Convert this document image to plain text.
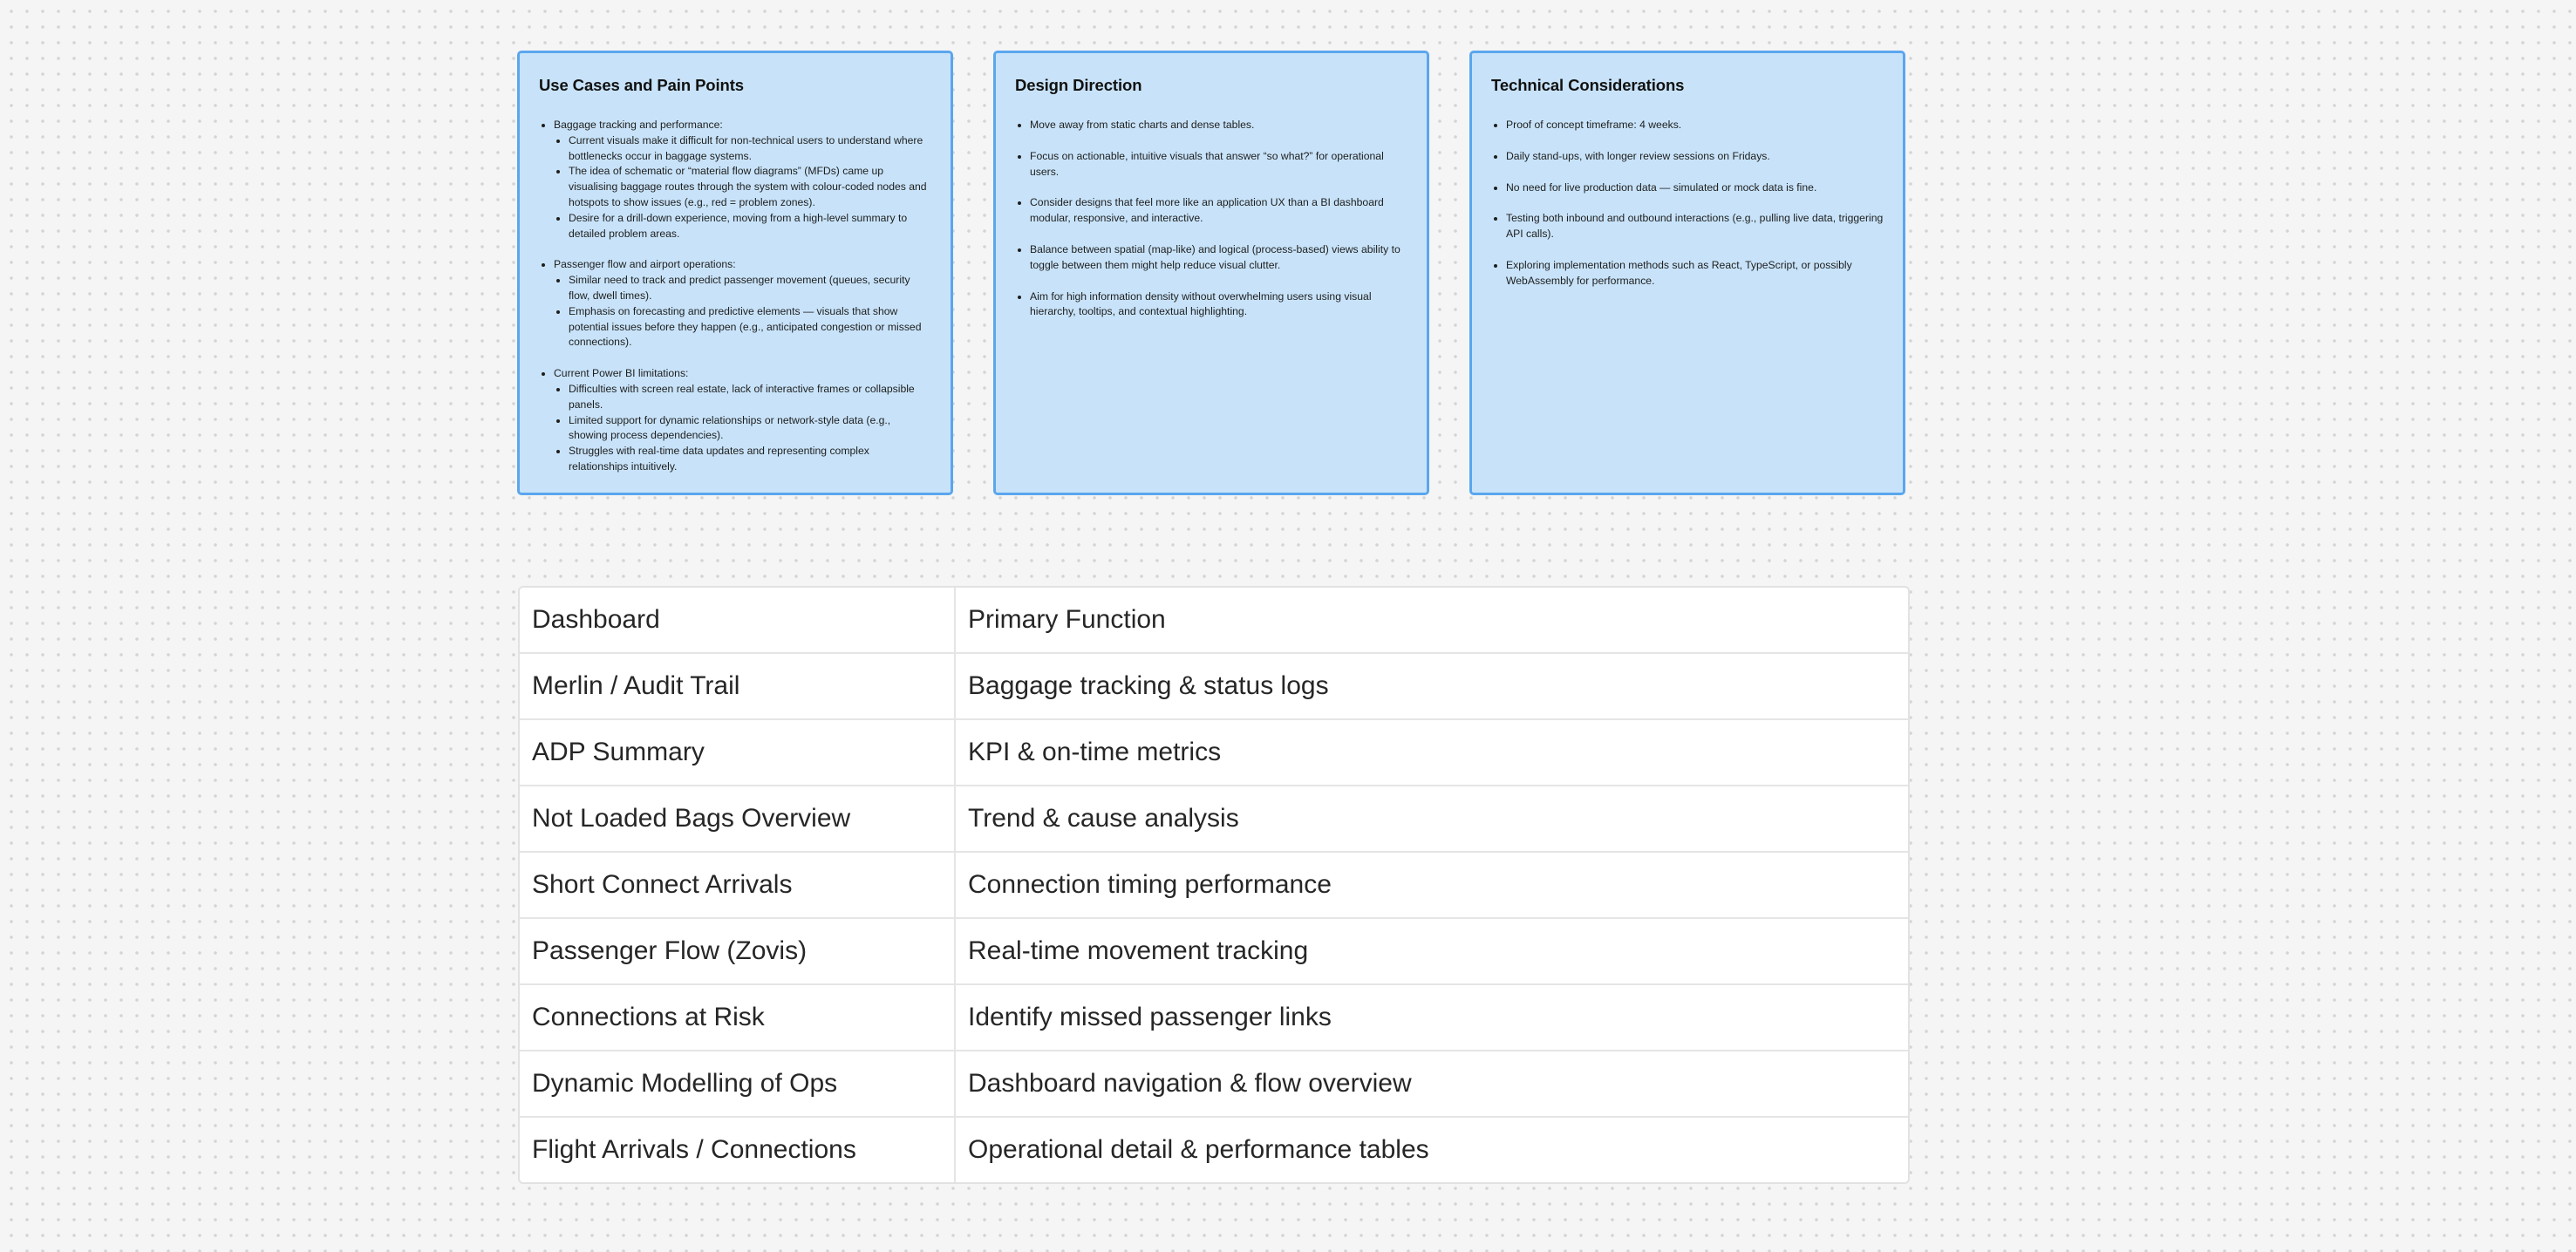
Use Cases and Pain Points
• Baggage tracking and performance:
• Current visuals make it difficult for non-technical users to understand where bottlenecks occur in baggage systems.
• The idea of schematic or “material flow diagrams” (MFDs) came up visualising baggage routes through the system with colour-coded nodes and hotspots to show issues (e.g., red = problem zones).
• Desire for a drill-down experience, moving from a high-level summary to detailed problem areas.
• Passenger flow and airport operations:
• Similar need to track and predict passenger movement (queues, security flow, dwell times).
• Emphasis on forecasting and predictive elements — visuals that show potential issues before they happen (e.g., anticipated congestion or missed connections).
• Current Power BI limitations:
• Difficulties with screen real estate, lack of interactive frames or collapsible panels.
• Limited support for dynamic relationships or network-style data (e.g., showing process dependencies).
• Struggles with real-time data updates and representing complex relationships intuitively.
Design Direction
• Move away from static charts and dense tables.
• Focus on actionable, intuitive visuals that answer “so what?” for operational users.
• Consider designs that feel more like an application UX than a BI dashboard modular, responsive, and interactive.
• Balance between spatial (map-like) and logical (process-based) views ability to toggle between them might help reduce visual clutter.
• Aim for high information density without overwhelming users using visual hierarchy, tooltips, and contextual highlighting.
Technical Considerations
• Proof of concept timeframe: 4 weeks.
• Daily stand-ups, with longer review sessions on Fridays.
• No need for live production data — simulated or mock data is fine.
• Testing both inbound and outbound interactions (e.g., pulling live data, triggering API calls).
• Exploring implementation methods such as React, TypeScript, or possibly WebAssembly for performance.
Dashboard	Primary Function
Merlin / Audit Trail	Baggage tracking & status logs
ADP Summary	KPI & on-time metrics
Not Loaded Bags Overview	Trend & cause analysis
Short Connect Arrivals	Connection timing performance
Passenger Flow (Zovis)	Real-time movement tracking
Connections at Risk	Identify missed passenger links
Dynamic Modelling of Ops	Dashboard navigation & flow overview
Flight Arrivals / Connections	Operational detail & performance tables
